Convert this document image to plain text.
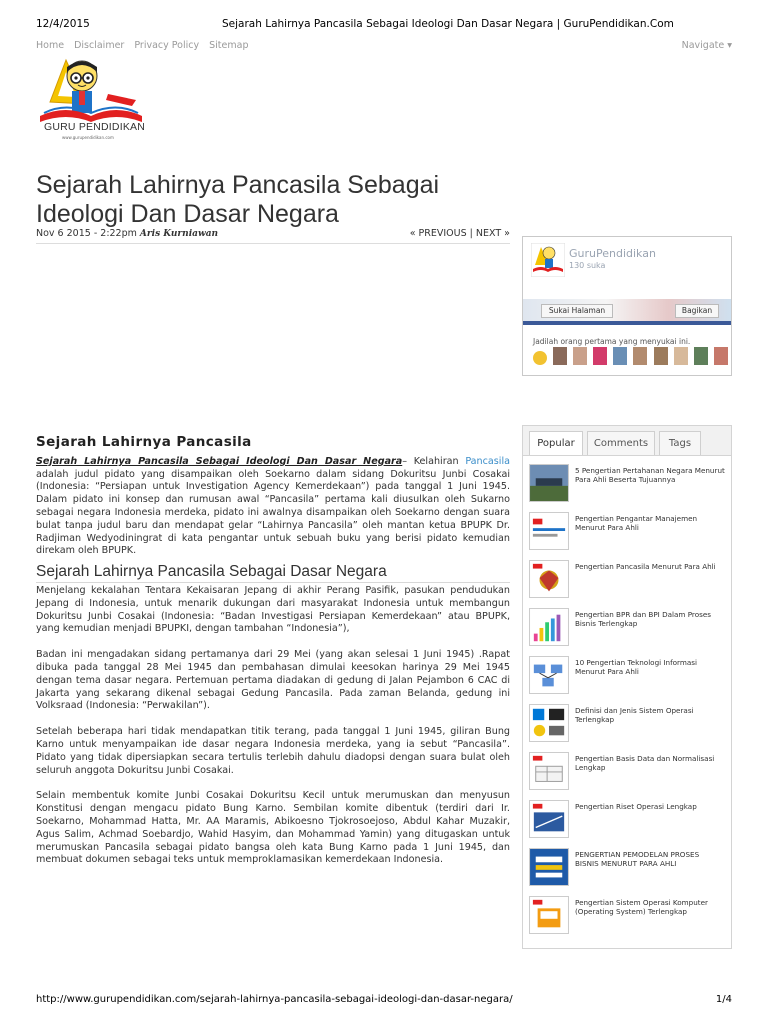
12/4/2015	Sejarah Lahirnya Pancasila Sebagai Ideologi Dan Dasar Negara | GuruPendidikan.Com
Home Disclaimer Privacy Policy Sitemap	Navigate ▾
GURU PENDIDIKAN
www.gurupendidikan.com
Sejarah Lahirnya Pancasila Sebagai Ideologi Dan Dasar Negara
Nov 6 2015 - 2:22pm Aris Kurniawan	« PREVIOUS | NEXT »
GuruPendidikan
130 suka
Sukai Halaman	Bagikan
Jadilah orang pertama yang menyukai ini.

Sejarah Lahirnya Pancasila

Sejarah Lahirnya Pancasila Sebagai Ideologi Dan Dasar Negara– Kelahiran Pancasila adalah judul pidato yang disampaikan oleh Soekarno dalam sidang Dokuritsu Junbi Cosakai (Indonesia: “Persiapan untuk Investigation Agency Kemerdekaan”) pada tanggal 1 Juni 1945. Dalam pidato ini konsep dan rumusan awal “Pancasila” pertama kali diusulkan oleh Sukarno sebagai negara Indonesia merdeka, pidato ini awalnya disampaikan oleh Soekarno dengan suara bulat tanpa judul baru dan mendapat gelar “Lahirnya Pancasila” oleh mantan ketua BPUPK Dr. Radjiman Wedyodiningrat di kata pengantar untuk sebuah buku yang berisi pidato kemudian direkam oleh BPUPK.

Sejarah Lahirnya Pancasila Sebagai Dasar Negara

Menjelang kekalahan Tentara Kekaisaran Jepang di akhir Perang Pasifik, pasukan pendudukan Jepang di Indonesia, untuk menarik dukungan dari masyarakat Indonesia untuk membangun Dokuritsu Junbi Cosakai (Indonesia: “Badan Investigasi Persiapan Kemerdekaan” atau BPUPK, yang kemudian menjadi BPUPKI, dengan tambahan “Indonesia”),

Badan ini mengadakan sidang pertamanya dari 29 Mei (yang akan selesai 1 Juni 1945) .Rapat dibuka pada tanggal 28 Mei 1945 dan pembahasan dimulai keesokan harinya 29 Mei 1945 dengan tema dasar negara. Pertemuan pertama diadakan di gedung di Jalan Pejambon 6 CAC di Jakarta yang sekarang dikenal sebagai Gedung Pancasila. Pada zaman Belanda, gedung ini Volksraad (Indonesia: “Perwakilan”).

Setelah beberapa hari tidak mendapatkan titik terang, pada tanggal 1 Juni 1945, giliran Bung Karno untuk menyampaikan ide dasar negara Indonesia merdeka, yang ia sebut “Pancasila”. Pidato yang tidak dipersiapkan secara tertulis terlebih dahulu diadopsi dengan suara bulat oleh seluruh anggota Dokuritsu Junbi Cosakai.

Selain membentuk komite Junbi Cosakai Dokuritsu Kecil untuk merumuskan dan menyusun Konstitusi dengan mengacu pidato Bung Karno. Sembilan komite dibentuk (terdiri dari Ir. Soekarno, Mohammad Hatta, Mr. AA Maramis, Abikoesno Tjokrosoejoso, Abdul Kahar Muzakir, Agus Salim, Achmad Soebardjo, Wahid Hasyim, dan Mohammad Yamin) yang ditugaskan untuk merumuskan Pancasila sebagai pidato bangsa oleh kata Bung Karno pada 1 Juni 1945, dan membuat dokumen sebagai teks untuk memproklamasikan kemerdekaan Indonesia.

Popular	Comments	Tags
5 Pengertian Pertahanan Negara Menurut Para Ahli Beserta Tujuannya
Pengertian Pengantar Manajemen Menurut Para Ahli
Pengertian Pancasila Menurut Para Ahli
Pengertian BPR dan BPI Dalam Proses Bisnis Terlengkap
10 Pengertian Teknologi Informasi Menurut Para Ahli
Definisi dan Jenis Sistem Operasi Terlengkap
Pengertian Basis Data dan Normalisasi Lengkap
Pengertian Riset Operasi Lengkap
PENGERTIAN PEMODELAN PROSES BISNIS MENURUT PARA AHLI
Pengertian Sistem Operasi Komputer (Operating System) Terlengkap
http://www.gurupendidikan.com/sejarah-lahirnya-pancasila-sebagai-ideologi-dan-dasar-negara/	1/4
